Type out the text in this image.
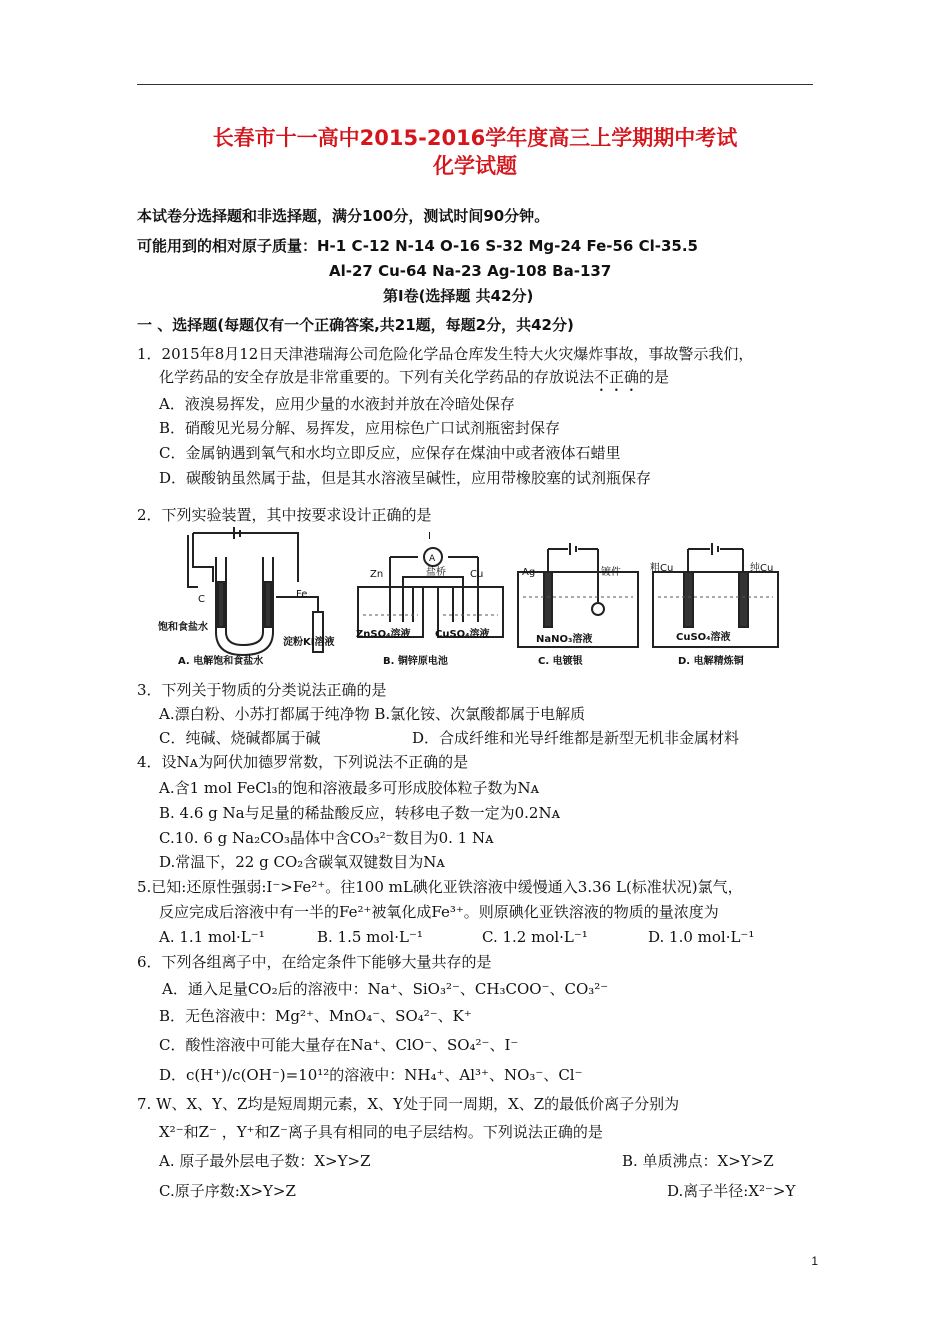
长春市十一高中2015-2016学年度高三上学期期中考试
化学试题
本试卷分选择题和非选择题，满分100分，测试时间90分钟。
可能用到的相对原子质量：H-1 C-12 N-14 O-16 S-32 Mg-24 Fe-56 Cl-35.5
Al-27 Cu-64 Na-23 Ag-108 Ba-137
第Ⅰ卷(选择题 共42分)
一 、选择题(每题仅有一个正确答案,共21题，每题2分，共42分)
1．2015年8月12日天津港瑞海公司危险化学品仓库发生特大火灾爆炸事故，事故警示我们，
化学药品的安全存放是非常重要的。下列有关化学药品的存放说法不正确的是
A．液溴易挥发，应用少量的水液封并放在冷暗处保存
B．硝酸见光易分解、易挥发，应用棕色广口试剂瓶密封保存
C．金属钠遇到氧气和水均立即反应，应保存在煤油中或者液体石蜡里
D．碳酸钠虽然属于盐，但是其水溶液呈碱性，应用带橡胶塞的试剂瓶保存
2．下列实验装置，其中按要求设计正确的是
C	Fe
饱和食盐水
淀粉KI溶液
A. 电解饱和食盐水
I
A
盐桥
Zn	Cu
ZnSO₄溶液 CuSO₄溶液
B. 铜锌原电池
Ag	镀件
NaNO₃溶液
C. 电镀银
粗Cu	纯Cu
CuSO₄溶液
D. 电解精炼铜
3．下列关于物质的分类说法正确的是
A.漂白粉、小苏打都属于纯净物 B.氯化铵、次氯酸都属于电解质
C．纯碱、烧碱都属于碱	D．合成纤维和光导纤维都是新型无机非金属材料
4．设Nᴀ为阿伏加德罗常数，下列说法不正确的是
A.含1 mol FeCl₃的饱和溶液最多可形成胶体粒子数为Nᴀ
B. 4.6 g Na与足量的稀盐酸反应，转移电子数一定为0.2Nᴀ
C.10. 6 g Na₂CO₃晶体中含CO₃²⁻数目为0. 1 Nᴀ
D.常温下，22 g CO₂含碳氧双键数目为Nᴀ
5.已知:还原性强弱:I⁻>Fe²⁺。往100 mL碘化亚铁溶液中缓慢通入3.36 L(标准状况)氯气，
反应完成后溶液中有一半的Fe²⁺被氧化成Fe³⁺。则原碘化亚铁溶液的物质的量浓度为
A. 1.1 mol·L⁻¹	B. 1.5 mol·L⁻¹	C. 1.2 mol·L⁻¹	D. 1.0 mol·L⁻¹
6．下列各组离子中，在给定条件下能够大量共存的是
A．通入足量CO₂后的溶液中：Na⁺、SiO₃²⁻、CH₃COO⁻、CO₃²⁻
B．无色溶液中：Mg²⁺、MnO₄⁻、SO₄²⁻、K⁺
C．酸性溶液中可能大量存在Na⁺、ClO⁻、SO₄²⁻、I⁻
D．c(H⁺)/c(OH⁻)=10¹²的溶液中：NH₄⁺、Al³⁺、NO₃⁻、Cl⁻
7. W、X、Y、Z均是短周期元素，X、Y处于同一周期，X、Z的最低价离子分别为
X²⁻和Z⁻ ，Y⁺和Z⁻离子具有相同的电子层结构。下列说法正确的是
A. 原子最外层电子数：X>Y>Z	B. 单质沸点：X>Y>Z
C.原子序数:X>Y>Z	D.离子半径:X²⁻>Y
1
